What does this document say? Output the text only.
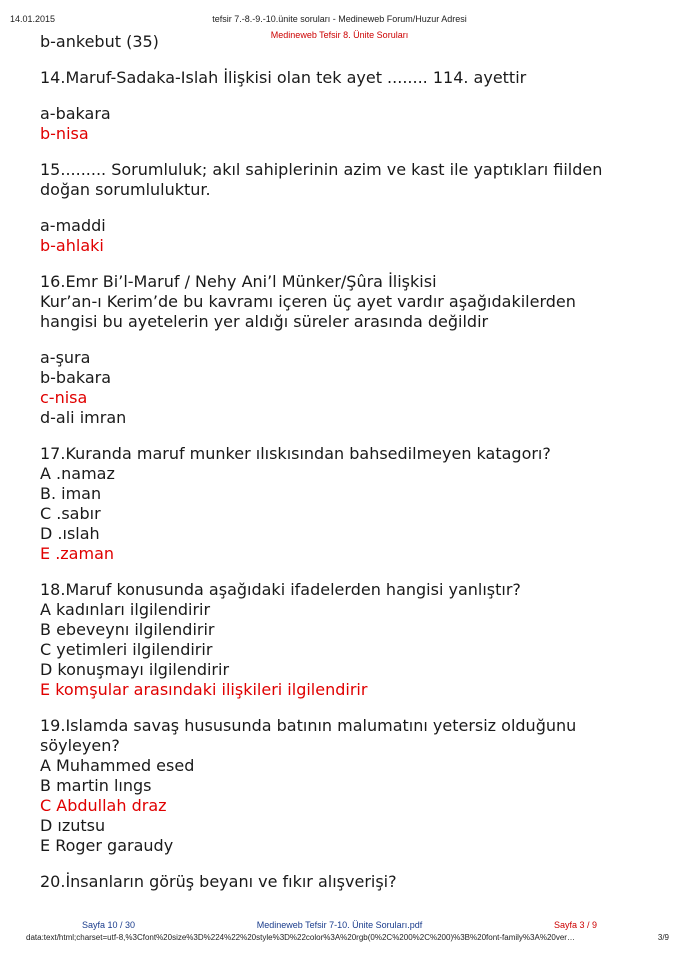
14.01.2015	tefsir 7.-8.-9.-10.ünite soruları - Medineweb Forum/Huzur Adresi
Medineweb Tefsir 8. Ünite Soruları
b-ankebut (35)
14.Maruf-Sadaka-Islah İlişkisi olan tek ayet ........ 114. ayettir
a-bakara
b-nisa
15......... Sorumluluk; akıl sahiplerinin azim ve kast ile yaptıkları fiilden
doğan sorumluluktur.
a-maddi
b-ahlaki
16.Emr Bi’l-Maruf / Nehy Ani’l Münker/Şûra İlişkisi
Kur’an-ı Kerim’de bu kavramı içeren üç ayet vardır aşağıdakilerden
hangisi bu ayetelerin yer aldığı süreler arasında değildir
a-şura
b-bakara
c-nisa
d-ali imran
17.Kuranda maruf munker ılıskısından bahsedilmeyen katagorı?
A .namaz
B. iman
C .sabır
D .ıslah
E .zaman
18.Maruf konusunda aşağıdaki ifadelerden hangisi yanlıştır?
A kadınları ilgilendirir
B ebeveynı ilgilendirir
C yetimleri ilgilendirir
D konuşmayı ilgilendirir
E komşular arasındaki ilişkileri ilgilendirir
19.Islamda savaş hususunda batının malumatını yetersiz olduğunu
söyleyen?
A Muhammed esed
B martin lıngs
C Abdullah draz
D ızutsu
E Roger garaudy
20.İnsanların görüş beyanı ve fıkır alışverişi?
Sayfa 10 / 30	Medineweb Tefsir 7-10. Ünite Soruları.pdf	Sayfa 3 / 9
data:text/html;charset=utf-8,%3Cfont%20size%3D%224%22%20style%3D%22color%3A%20rgb(0%2C%200%2C%200)%3B%20font-family%3A%20ver…	3/9
